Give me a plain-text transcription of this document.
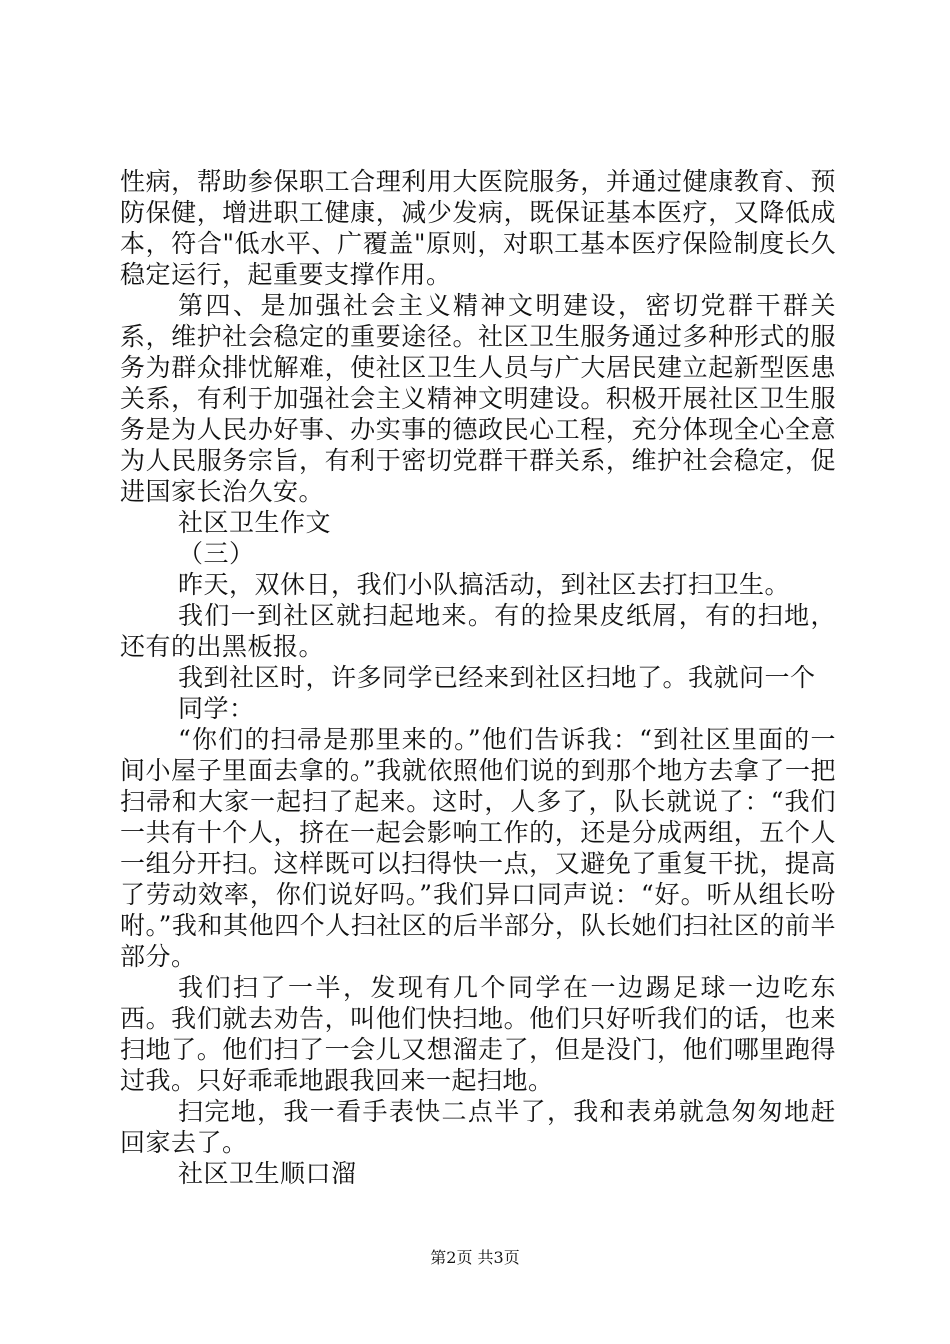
性病，帮助参保职工合理利用大医院服务，并通过健康教育、预防保健，增进职工健康，减少发病，既保证基本医疗，又降低成本，符合"低水平、广覆盖"原则，对职工基本医疗保险制度长久稳定运行，起重要支撑作用。

第四、是加强社会主义精神文明建设，密切党群干群关系，维护社会稳定的重要途径。社区卫生服务通过多种形式的服务为群众排忧解难，使社区卫生人员与广大居民建立起新型医患关系，有利于加强社会主义精神文明建设。积极开展社区卫生服务是为人民办好事、办实事的德政民心工程，充分体现全心全意为人民服务宗旨，有利于密切党群干群关系，维护社会稳定，促进国家长治久安。

社区卫生作文

（三）

昨天，双休日，我们小队搞活动，到社区去打扫卫生。

我们一到社区就扫起地来。有的捡果皮纸屑，有的扫地，还有的出黑板报。

我到社区时，许多同学已经来到社区扫地了。我就问一个

同学：

“你们的扫帚是那里来的。”他们告诉我：“到社区里面的一间小屋子里面去拿的。”我就依照他们说的到那个地方去拿了一把扫帚和大家一起扫了起来。这时，人多了，队长就说了：“我们一共有十个人，挤在一起会影响工作的，还是分成两组，五个人一组分开扫。这样既可以扫得快一点，又避免了重复干扰，提高了劳动效率，你们说好吗。”我们异口同声说：“好。听从组长吩咐。”我和其他四个人扫社区的后半部分，队长她们扫社区的前半部分。

我们扫了一半，发现有几个同学在一边踢足球一边吃东西。我们就去劝告，叫他们快扫地。他们只好听我们的话，也来扫地了。他们扫了一会儿又想溜走了，但是没门，他们哪里跑得过我。只好乖乖地跟我回来一起扫地。

扫完地，我一看手表快二点半了，我和表弟就急匆匆地赶回家去了。

社区卫生顺口溜

第2页 共3页
